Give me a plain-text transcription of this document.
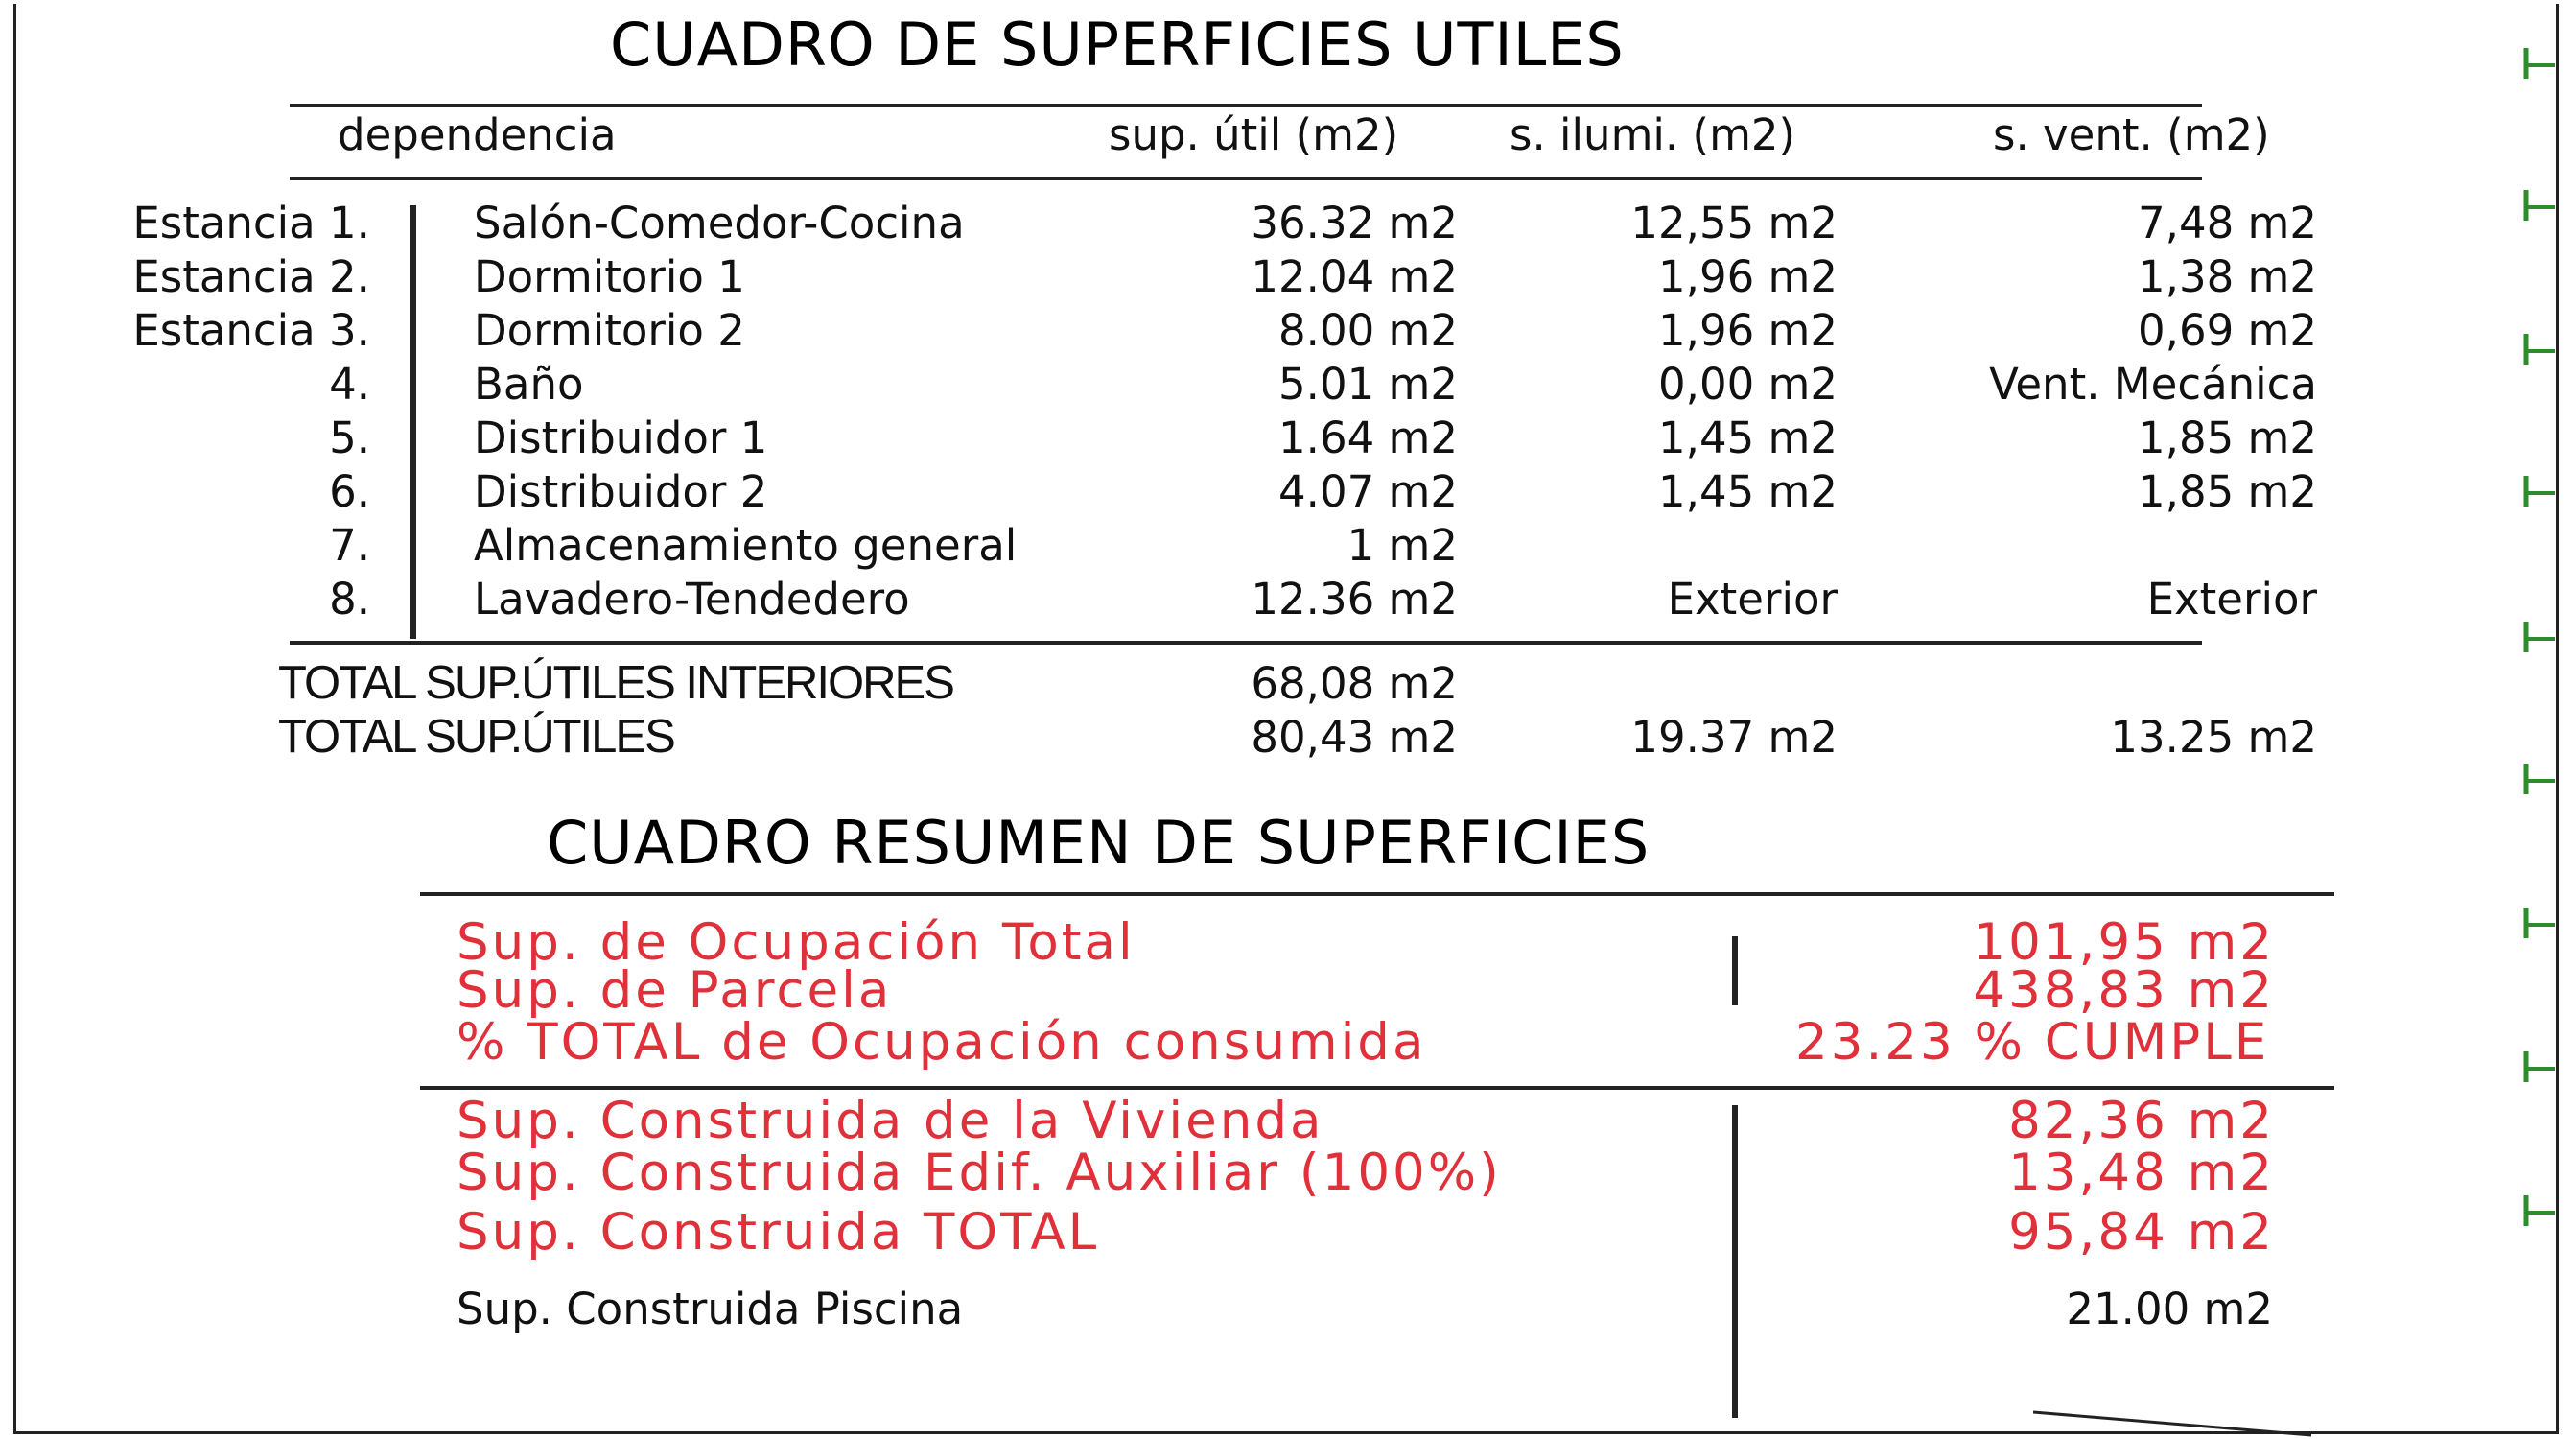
CUADRO DE SUPERFICIES UTILES
dependencia	sup. útil (m2)	s. ilumi. (m2)	s. vent. (m2)
Estancia 1. Salón-Comedor-Cocina	36.32 m2	12,55 m2	7,48 m2
Estancia 2. Dormitorio 1	12.04 m2	1,96 m2	1,38 m2
Estancia 3. Dormitorio 2	8.00 m2	1,96 m2	0,69 m2
4. Baño	5.01 m2	0,00 m2	Vent. Mecánica
5. Distribuidor 1	1.64 m2	1,45 m2	1,85 m2
6. Distribuidor 2	4.07 m2	1,45 m2	1,85 m2
7. Almacenamiento general	1 m2
8. Lavadero-Tendedero	12.36 m2	Exterior	Exterior
TOTAL SUP.ÚTILES INTERIORES	68,08 m2
TOTAL SUP.ÚTILES	80,43 m2	19.37 m2	13.25 m2
CUADRO RESUMEN DE SUPERFICIES
Sup. de Ocupación Total	101,95 m2
Sup. de Parcela	438,83 m2
% TOTAL de Ocupación consumida	23.23 % CUMPLE
Sup. Construida de la Vivienda	82,36 m2
Sup. Construida Edif. Auxiliar (100%)	13,48 m2
Sup. Construida TOTAL	95,84 m2
Sup. Construida Piscina	21.00 m2
